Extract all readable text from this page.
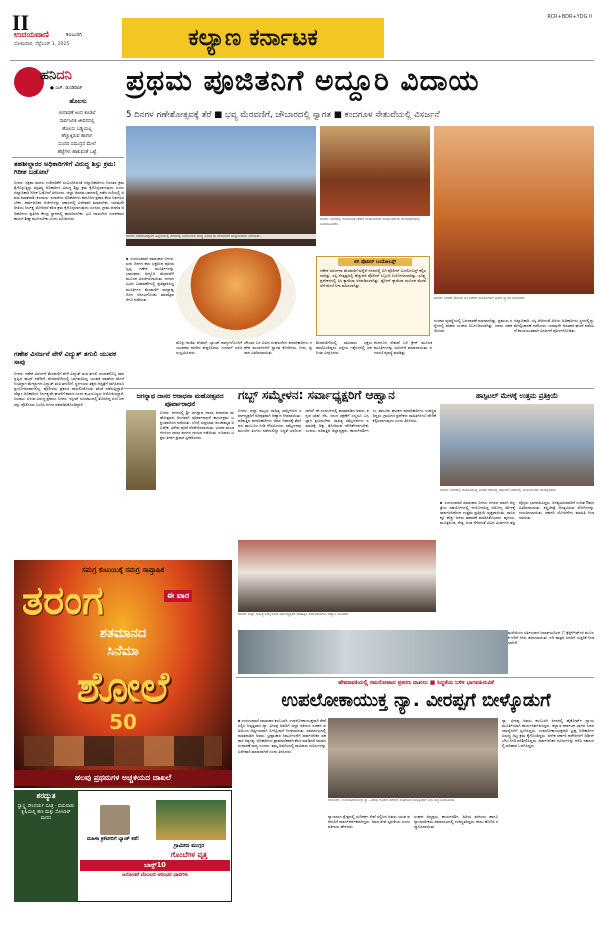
II
ಉದಯವಾಣಿ	ಕಲಬುರಗಿ
ಸೋಮವಾರ, ಸೆಪ್ಟೆಂಬರ್ 1, 2025	ಕಲ್ಯಾಣ ಕರ್ನಾಟಕ
RCR+BDR+YDG II
ಹನಿದನಿ
● ಎಚ್. ಡುಂಡಿರಾಜ್
ಹೊಲಸು
ಚುನಾವಣೆ ಅಂದ ಕೂಡಲೆ
ಸಾರ್ವಜನಿಕ ಜೀವನದಲ್ಲಿ
ಹೊಲಸು ಬಡ್ಡಿಯಲ್ಲ
ಹೆಚ್ಚುತ್ತಿರುವ ಹಾಗಾಗ
ಸುಂದರ ಸಮುದ್ರದ ಮೇಲೆ
ಹೆಜ್ಜೆಗಳು ಹಾಕುವಂತೆ ಒಟ್ಟೆ
ತಹಶೀಲ್ದಾರರ ಅಧಿಕಾರಿಗಳಿಗೆ ವಿರುದ್ಧ ಶಿಸ್ತು ಕ್ರಮ: ಗಿರೀಶ ಬಡೋಲೆ
ಬೀದರ: ಅಕ್ರಮ ಮರಳು ಗಣಿಗಾರಿಕೆಗೆ ಸಂಬಂಧಿಸಿದಂತೆ ಜಿಲ್ಲಾಧಿಕಾರಿಗಳು ನಿರಂತರ ಕ್ರಮ ಕೈಗೊಳ್ಳುತ್ತಿದ್ದು ತಪ್ಪಿತಸ್ಥ ಅಧಿಕಾರಿಗಳ ವಿರುದ್ಧ ಶಿಸ್ತು ಕ್ರಮ ಕೈಗೊಳ್ಳಲಾಗುವುದು ಎಂದು ಜಿಲ್ಲಾಧಿಕಾರಿ ಗಿರೀಶ ಬಡೋಲೆ ತಿಳಿಸಿದರು. ಜಿಲ್ಲಾ ಆಡಳಿತ ಭವನದಲ್ಲಿ ನಡೆದ ಸಭೆಯಲ್ಲಿ ಅವರು ಮಾತನಾಡಿ, ಕಂದಾಯ ಇಲಾಖೆಯ ಅಧಿಕಾರಿಗಳು ಕಾನೂನಿನ ಪ್ರಕಾರ ಕೆಲಸ ನಿರ್ವಹಿಸಬೇಕು. ಸಾರ್ವಜನಿಕರ ಅರ್ಜಿಗಳನ್ನು ಸಕಾಲದಲ್ಲಿ ವಿಲೇವಾರಿ ಮಾಡಬೇಕು. ಯಾವುದೇ ರೀತಿಯ ನಿರ್ಲಕ್ಷ್ಯ ತೋರಿದರೆ ಕಠಿಣ ಕ್ರಮ ಕೈಗೊಳ್ಳಲಾಗುವುದು ಎಂದರು. ಗ್ರಾಮ ಆಡಳಿತ ಅಧಿಕಾರಿಗಳು ಪ್ರತಿದಿನ ಕೇಂದ್ರ ಸ್ಥಾನದಲ್ಲಿ ಹಾಜರಿರಬೇಕು. ಭೂ ದಾಖಲೆಗಳ ಗಣಕೀಕರಣ ಕಾರ್ಯ ಶೀಘ್ರ ಮುಗಿಸಬೇಕು ಎಂದು ಸೂಚಿಸಿದರು.
ಗಣೇಶ ವಿಸರ್ಜನೆ ವೇಳೆ ವಿದ್ಯುತ್ ತಗುಲಿ ಯುವಕ ಸಾವು
ಬೀದರ: ಗಣೇಶ ವಿಸರ್ಜನೆ ಮೆರವಣಿಗೆ ವೇಳೆ ವಿದ್ಯುತ್ ತಂತಿ ತಗುಲಿ ಯುವಕನೊಬ್ಬ ಸಾವನ್ನಪ್ಪಿದ ಘಟನೆ ನಡೆದಿದೆ. ಮೆರವಣಿಗೆಯಲ್ಲಿ ಭಾಗವಹಿಸಿದ್ದ ಯುವಕ ವಾಹನದ ಮೇಲೆ ನಿಂತಿದ್ದಾಗ ಮೇಲ್ಭಾಗದ ವಿದ್ಯುತ್ ತಂತಿ ತಗುಲಿದೆ. ಸ್ಥಳೀಯರು ತಕ್ಷಣ ಆಸ್ಪತ್ರೆಗೆ ಸಾಗಿಸಿದರೂ ಪ್ರಯೋಜನವಾಗಲಿಲ್ಲ. ಪೊಲೀಸರು ಪ್ರಕರಣ ದಾಖಲಿಸಿಕೊಂಡು ತನಿಖೆ ನಡೆಸುತ್ತಿದ್ದಾರೆ. ಜೆಸ್ಕಾಂ ಅಧಿಕಾರಿಗಳ ನಿರ್ಲಕ್ಷ್ಯವೇ ಘಟನೆಗೆ ಕಾರಣ ಎಂದು ಕುಟುಂಬಸ್ಥರು ಆರೋಪಿಸಿದ್ದಾರೆ. ಜುಜಾಟ: ಏಳುವ ವಿರುದ್ಧ ಪ್ರಕರಣ. ಬೀದರ: ಇಸ್ಪೀಟ್ ಜೂಜಾಟದಲ್ಲಿ ತೊಡಗಿದ್ದ ಏಳು ಜನರನ್ನು ಪೊಲೀಸರು ಬಂಧಿಸಿ ನಗದು ವಶಪಡಿಸಿಕೊಂಡಿದ್ದಾರೆ.
ಪ್ರಥಮ ಪೂಜಿತನಿಗೆ ಅದ್ದೂರಿ ವಿದಾಯ
5 ದಿನಗಳ ಗಣೇಶೋತ್ಸವಕ್ಕೆ ತೆರೆ ■ ಭವ್ಯ ಮೆರವಣಿಗೆ, ಚೌಬಾರದಲ್ಲಿ ಸ್ವಾಗತ ■ ಕಂದಗೂಳ ಸೇತುವೆಯಲ್ಲಿ ವಿಸರ್ಜನೆ
ಬೀದರ: ಗಣೇಶೋತ್ಸವದ ಹಿನ್ನೆಲೆಯಲ್ಲಿ ನಗರದಲ್ಲಿ ಜನಜಂಗುಳಿ ಮಧ್ಯೆ ವಿಸರ್ಜನಾ ಮೆರವಣಿಗೆ ಅದ್ದೂರಿಯಾಗಿ ನಡೆಯಿತು.
ಬೀದರ: ನಗರದಲ್ಲಿ ಸಾರ್ವಜನಿಕ ಗಣೇಶ ಮಹಾಮಂಡಳಿ ಕಾರ್ಯಕರ್ತರು ಮೆರವಣಿಗೆಯಲ್ಲಿ ಭಾಗವಹಿಸಿದರು.
ಬೀದರ: ನಗರದ ಚೌಬಾರ ಬಳಿ ಗಣೇಶ ಮೂರ್ತಿಗಳಿಗೆ ಭಕ್ತರು ಸ್ವಾಗತ ಕೋರಿದರು.
ಬಿಗಿ ಪೊಲೀಸ್ ಬಂದೋಬಸ್ತ್
ಗಣೇಶ ವಿಸರ್ಜನಾ ಮೆರವಣಿಗೆ ಹಿನ್ನೆಲೆ ನಗರದಲ್ಲಿ ಬಿಗಿ ಪೊಲೀಸ್ ಬಂದೋಬಸ್ತ್ ಕಲ್ಪಿಸಲಾಗಿತ್ತು. ಎಸ್ಪಿ ನೇತೃತ್ವದಲ್ಲಿ ಹೆಚ್ಚುವರಿ ಪೊಲೀಸ್ ಸಿಬ್ಬಂದಿ ನಿಯೋಜಿಸಲಾಗಿತ್ತು. ಸೂಕ್ಷ್ಮ ಪ್ರದೇಶಗಳಲ್ಲಿ ಸಿಸಿ ಕ್ಯಾಮೆರಾ ಅಳವಡಿಸಲಾಗಿತ್ತು. ಡ್ರೋನ್ ಕ್ಯಾಮೆರಾ ಮೂಲಕ ಮೆರವಣಿಗೆ ಮೇಲೆ ನಿಗಾ ವಹಿಸಲಾಗಿತ್ತು.
■ ಉದಯವಾಣಿ ಸಮಾಚಾರ ಬೀದರ: ಐದು ದಿನಗಳ ಕಾಲ ಭಕ್ತರಿಂದ ಪೂಜಿಸಲ್ಪಟ್ಟ ಗಣೇಶ ಮೂರ್ತಿಗಳನ್ನು ಭಾನುವಾರ ಅದ್ದೂರಿ ಮೆರವಣಿಗೆ ಮೂಲಕ ವಿಸರ್ಜಿಸಲಾಯಿತು. ನಗರದ ವಿವಿಧ ಬಡಾವಣೆಗಳಲ್ಲಿ ಪ್ರತಿಷ್ಠಾಪಿಸಿದ್ದ ಮೂರ್ತಿಗಳ ಮೆರವಣಿಗೆ ಮಧ್ಯಾಹ್ನದಿಂದ ಆರಂಭಗೊಂಡು ತಡರಾತ್ರಿವರೆಗೂ ನಡೆಯಿತು.
ಡೊಳ್ಳು ಕುಣಿತ, ಲೆಜಿಮ್, ಬ್ಯಾಂಡ್ ವಾದ್ಯಗಳೊಂದಿಗೆ ಯುವಕರು ಕುಣಿದು ಕುಪ್ಪಳಿಸಿದರು. ಗುಲಾಲ್ ಎರಚಿ ಸಂಭ್ರಮಿಸಿದರು.
ಚೌಬಾರ ಬಳಿ ವಿವಿಧ ಸಂಘಟನೆಗಳ ಪದಾಧಿಕಾರಿಗಳು ಗಣೇಶ ಮಂಡಳಿಗಳಿಗೆ ಸ್ವಾಗತ ಕೋರಿದರು. ನೀರು, ಪ್ರಸಾದ ವಿತರಿಸಲಾಯಿತು.
ಮೆರವಣಿಗೆಯಲ್ಲಿ ಸಾವಿರಾರು ಭಕ್ತರು ಪಾಲ್ಗೊಂಡಿದ್ದರು. ರಸ್ತೆಯ ಇಕ್ಕೆಲಗಳಲ್ಲಿ ಜನ ನಿಂತು ವೀಕ್ಷಿಸಿದರು.
ಕಂದಗೂಳ ಸೇತುವೆ ಬಳಿ ಕ್ರೇನ್ ಮೂಲಕ ಮೂರ್ತಿಗಳನ್ನು ವಿಸರ್ಜನೆ ಮಾಡಲಾಯಿತು. ನಗರಸಭೆ ವ್ಯವಸ್ಥೆ ಮಾಡಿತ್ತು.
ಸಂಚಾರ ವ್ಯವಸ್ಥೆಯಲ್ಲಿ ಬದಲಾವಣೆ ಮಾಡಲಾಗಿತ್ತು. ಪ್ರಮುಖ ರಸ್ತೆಗಳಲ್ಲಿ ವಾಹನ ಸಂಚಾರ ನಿರ್ಬಂಧಿಸಲಾಗಿತ್ತು. ಜನರು ಸಹಕರಿಸಿದರು.
ಜಿಲ್ಲಾಧಿಕಾರಿ, ಎಸ್ಪಿ ಸೇರಿದಂತೆ ಹಿರಿಯ ಅಧಿಕಾರಿಗಳು ಸ್ಥಳದಲ್ಲಿದ್ದು ಮೇಲ್ವಿಚಾರಣೆ ನಡೆಸಿದರು. ಯಾವುದೇ ಅಹಿತಕರ ಘಟನೆ ನಡೆಯದೆ ಶಾಂತಿಯುತವಾಗಿ ವಿಸರ್ಜನೆ ಪೂರ್ಣಗೊಂಡಿತು.
ಜಗನ್ನಾಥ ದಾಸರ ಆರಾಧನಾ ಮಹೋತ್ಸವದ ಪೂರ್ವಾರಾಧನೆ
ಬೀದರ: ನಗರದಲ್ಲಿ ಶ್ರೀ ಜಗನ್ನಾಥ ದಾಸರ ಆರಾಧನಾ ಮಹೋತ್ಸವದ ಅಂಗವಾಗಿ ಪೂರ್ವಾರಾಧನೆ ಕಾರ್ಯಕ್ರಮ ಭಕ್ತಿಭಾವದಿಂದ ನಡೆಯಿತು. ಬೆಳಗ್ಗೆ ಸುಪ್ರಭಾತ, ಪಂಚಾಮೃತ ಅಭಿಷೇಕ, ವಿಶೇಷ ಪೂಜೆ ನೆರವೇರಿಸಲಾಯಿತು. ಭಜನಾ ಮಂಡಳಿಗಳಿಂದ ದಾಸರ ಪದಗಳ ಗಾಯನ ನಡೆಯಿತು. ನೂರಾರು ಭಕ್ತರು ತೀರ್ಥ ಪ್ರಸಾದ ಸ್ವೀಕರಿಸಿದರು.
ಗಬ್ಬ್ ಸಮ್ಮೇಳನ: ಸರ್ವಾಧ್ಯಕ್ಷರಿಗೆ ಆಹ್ವಾನ
ಬೀದರ: ಜಿಲ್ಲಾ ಮಟ್ಟದ ಸಾಹಿತ್ಯ ಸಮ್ಮೇಳನದ ಸರ್ವಾಧ್ಯಕ್ಷರಿಗೆ ಅಧಿಕೃತವಾಗಿ ಆಹ್ವಾನ ನೀಡಲಾಯಿತು. ಪರಿಷತ್ತಿನ ಪದಾಧಿಕಾರಿಗಳು ಅವರ ನಿವಾಸಕ್ಕೆ ತೆರಳಿ ಫಲ ತಾಂಬೂಲ ನೀಡಿ ಗೌರವಿಸಿದರು. ಸಮ್ಮೇಳನವು ಮುಂದಿನ ತಿಂಗಳು ನಡೆಯಲಿದ್ದು ಸಿದ್ಧತೆ ಭರದಿಂದ ಸಾಗಿದೆ. ಈ ಸಂದರ್ಭದಲ್ಲಿ ಮಾತನಾಡಿದ ಅವರು, ಕನ್ನಡ ಭಾಷೆ, ನೆಲ, ಜಲದ ರಕ್ಷಣೆಗೆ ಎಲ್ಲರೂ ಒಗ್ಗಟ್ಟಾಗಿ ಶ್ರಮಿಸಬೇಕು. ಸಾಹಿತ್ಯ ಸಮ್ಮೇಳನಗಳು ಸಮಾಜಕ್ಕೆ ದಿಕ್ಕು ತೋರಿಸುವ ವೇದಿಕೆಗಳಾಗಬೇಕು ಎಂದರು. ಪರಿಷತ್ತಿನ ಜಿಲ್ಲಾಧ್ಯಕ್ಷರು, ಕಾರ್ಯದರ್ಶಿಗಳು, ತಾಲೂಕು ಘಟಕದ ಪದಾಧಿಕಾರಿಗಳು ಉಪಸ್ಥಿತರಿದ್ದರು. ಗ್ರಾಮೀಣ ಪ್ರದೇಶದ ಸಾಹಿತಿಗಳಿಗೂ ವೇದಿಕೆ ಕಲ್ಪಿಸಲಾಗುವುದು ಎಂದು ತಿಳಿಸಿದರು.
ಬೀದರ: ಜಿಲ್ಲಾ ಸಾಹಿತ್ಯ ಸಮ್ಮೇಳನದ ಸರ್ವಾಧ್ಯಕ್ಷರಿಗೆ ಪರಿಷತ್ತಿನ ಪದಾಧಿಕಾರಿಗಳು ಆಹ್ವಾನ ನೀಡಿದರು.
ಹಾಸ್ಪಿಟಲ್ ಮೇಳಕ್ಕೆ ಉತ್ತಮ ಪ್ರತಿಕ್ರಿಯೆ
ಬೀದರ: ನಗರದಲ್ಲಿ ಆಯೋಜಿಸಿದ್ದ ಉಚಿತ ಆರೋಗ್ಯ ತಪಾಸಣೆ ಶಿಬಿರದಲ್ಲಿ ಸಾರ್ವಜನಿಕರು ಪಾಲ್ಗೊಂಡರು.
■ ಉದಯವಾಣಿ ಸಮಾಚಾರ ಬೀದರ: ನಗರದ ಖಾಸಗಿ ಆಸ್ಪತ್ರೆಯ ಸಹಯೋಗದಲ್ಲಿ ಆಯೋಜಿಸಿದ್ದ ಆರೋಗ್ಯ ಮೇಳಕ್ಕೆ ಸಾರ್ವಜನಿಕರಿಂದ ಉತ್ತಮ ಪ್ರತಿಕ್ರಿಯೆ ವ್ಯಕ್ತವಾಯಿತು. ಸಾವಿರಕ್ಕೂ ಹೆಚ್ಚು ಜನರು ತಪಾಸಣೆ ಮಾಡಿಸಿಕೊಂಡರು. ಹೃದಯ, ಮೂತ್ರಪಿಂಡ, ನೇತ್ರ, ದಂತ ಸೇರಿದಂತೆ ವಿವಿಧ ವಿಭಾಗಗಳ ತಜ್ಞ ವೈದ್ಯರು ಭಾಗವಹಿಸಿದ್ದರು. ಅಗತ್ಯವಿರುವವರಿಗೆ ಉಚಿತ ಔಷಧ ವಿತರಿಸಲಾಯಿತು. ಶಸ್ತ್ರಚಿಕಿತ್ಸೆ ಅಗತ್ಯವಿರುವ ರೋಗಿಗಳನ್ನು ಗುರುತಿಸಲಾಯಿತು. ಸರ್ಕಾರಿ ಯೋಜನೆಗಳ ಮಾಹಿತಿ ನೀಡಲಾಯಿತು.
ಮಳೆಯಿಂದ ಭರ್ತಿಯಾದ ಜಲಾಶಯದಿಂದ 17 ಕ್ರೆಸ್ಟ್‌ಗೇಟ್‌ಗಳ ಮೂಲಕ ನದಿಗೆ ನೀರು ಹರಿಸಲಾಯಿತು. ನದಿ ಪಾತ್ರದ ಜನರಿಗೆ ಎಚ್ಚರಿಕೆ ನೀಡಲಾಗಿದೆ.
ಸಮಗ್ರ ಕುಟುಂಬಕ್ಕೆ ಸಮಗ್ರ ಸಾಪ್ತಾಹಿಕ
ತರಂಗ	ಈ ವಾರ
ಶತಮಾನದ
ಸಿನೆಮಾ
ಶೋಲೆ
50
ಹಲವು ಪ್ರಥಮಗಳ ಅಚ್ಚಳಿಯದ ದಾಖಲೆ
ಶರದ್ಯುತ
ಸ್ವಾಸ್ಥ್ಯ ಸೌಂದರ್ಯ ಸೂತ್ರ · ವಯನಾಡು ಕೃಷಿಯಲ್ಲಿ ಹಣ ಮತ್ತು ಸೋಲಾರ್ ಮದದ
ಮಹಿಳಾ ಕ್ರಿಕೆಟಿಗರಿಗೆ ಬ್ಯಾಂಕ್ ಕಡೆ!
ಗ್ರಾಮೀಣ ಮುಗ್ಗರ
ಗೊಂಬೆಗಳ ವೃತ್ತ
ಬಾಕ್ಸ್‌10
ಆಲೋಚನೆ ಬೆಂಬಲದ ಆರಂಭದ ಭಾವಗಳು
ಹೇಮಾವತಿಯಲ್ಲಿ ಸಮರೋಪಾದ ಪ್ರಕರಣ ದಾಖಲು ■ ಸಿದ್ಧತೆಯ ಬಳಿಕ ಭಾಗವಹಿಸುವಿಕೆ
ಉಪಲೋಕಾಯುಕ್ತ ನ್ಯಾ. ವೀರಪ್ಪಗೆ ಬೀಳ್ಕೊಡುಗೆ
■ ಉದಯವಾಣಿ ಸಮಾಚಾರ ಕಲಬುರಗಿ: ಉಪಲೋಕಾಯುಕ್ತರಾಗಿ ಸೇವೆ ಸಲ್ಲಿಸಿ ನಿವೃತ್ತರಾದ ನ್ಯಾ. ವೀರಪ್ಪ ಅವರಿಗೆ ಜಿಲ್ಲಾ ವಕೀಲರ ಸಂಘದ ವತಿಯಿಂದ ಆತ್ಮೀಯವಾಗಿ ಬೀಳ್ಕೊಡುಗೆ ನೀಡಲಾಯಿತು. ಸಮಾರಂಭದಲ್ಲಿ ಮಾತನಾಡಿದ ಅವರು, ಭ್ರಷ್ಟಾಚಾರ ನಿರ್ಮೂಲನೆಗೆ ಸಾರ್ವಜನಿಕರ ಸಹಕಾರ ಅತ್ಯಗತ್ಯ. ಅಧಿಕಾರಿಗಳು ಪ್ರಾಮಾಣಿಕವಾಗಿ ಕೆಲಸ ಮಾಡಿದರೆ ಸಮಾಜ ಸುಧಾರಣೆ ಸಾಧ್ಯ ಎಂದರು. ತಮ್ಮ ಅವಧಿಯಲ್ಲಿ ಸಾವಿರಾರು ದೂರುಗಳನ್ನು ವಿಲೇವಾರಿ ಮಾಡಲಾಗಿದೆ ಎಂದು ತಿಳಿಸಿದರು.
ಕಲಬುರಗಿ: ಉಪಲೋಕಾಯುಕ್ತ ನ್ಯಾ. ವೀರಪ್ಪ ಅವರಿಗೆ ವಕೀಲರ ಸಂಘದಿಂದ ಬೀಳ್ಕೊಡುಗೆ ನೀಡಿ ಸನ್ಮಾನಿಸಲಾಯಿತು.
ನ್ಯಾಯಾಂಗ ಕ್ಷೇತ್ರದಲ್ಲಿ ಸುದೀರ್ಘ ಸೇವೆ ಸಲ್ಲಿಸಿದ ಅವರು ಯುವ ವಕೀಲರಿಗೆ ಮಾರ್ಗದರ್ಶಕರಾಗಿದ್ದರು. ಅವರ ಸೇವೆ ಸ್ಮರಣೀಯ ಎಂದು ವಕೀಲರು ಹೇಳಿದರು.
ಸಂಘದ ಅಧ್ಯಕ್ಷರು, ಕಾರ್ಯದರ್ಶಿ, ಹಿರಿಯ ವಕೀಲರು ಹಾಗೂ ನ್ಯಾಯಾಧೀಶರು ಸಮಾರಂಭದಲ್ಲಿ ಉಪಸ್ಥಿತರಿದ್ದರು. ಶಾಲು ಹೊದಿಸಿ ಸನ್ಮಾನಿಸಲಾಯಿತು.
ನ್ಯಾ. ವೀರಪ್ಪ ಅವರು ಕಲಬುರಗಿ ಪೀಠದಲ್ಲಿ ಹೈಕೋರ್ಟ್ ನ್ಯಾಯಮೂರ್ತಿಯಾಗಿ ಕಾರ್ಯನಿರ್ವಹಿಸಿದ್ದರು. ಕಲ್ಯಾಣ ಕರ್ನಾಟಕ ಭಾಗದ ಜನರ ಸಮಸ್ಯೆಗಳಿಗೆ ಸ್ಪಂದಿಸಿದ್ದರು. ಉಪಲೋಕಾಯುಕ್ತರಾಗಿ ಭ್ರಷ್ಟ ಅಧಿಕಾರಿಗಳ ವಿರುದ್ಧ ದಿಟ್ಟ ಕ್ರಮ ಕೈಗೊಂಡಿದ್ದರು. ಅನೇಕ ಸರ್ಕಾರಿ ಕಚೇರಿಗಳಿಗೆ ದಿಢೀರ್ ಭೇಟಿ ನೀಡಿ ಪರಿಶೀಲಿಸಿದ್ದರು. ಸಾರ್ವಜನಿಕರ ದೂರುಗಳನ್ನು ಆಲಿಸಿ ಸಕಾಲದಲ್ಲಿ ಪರಿಹಾರ ಒದಗಿಸಿದ್ದರು.
